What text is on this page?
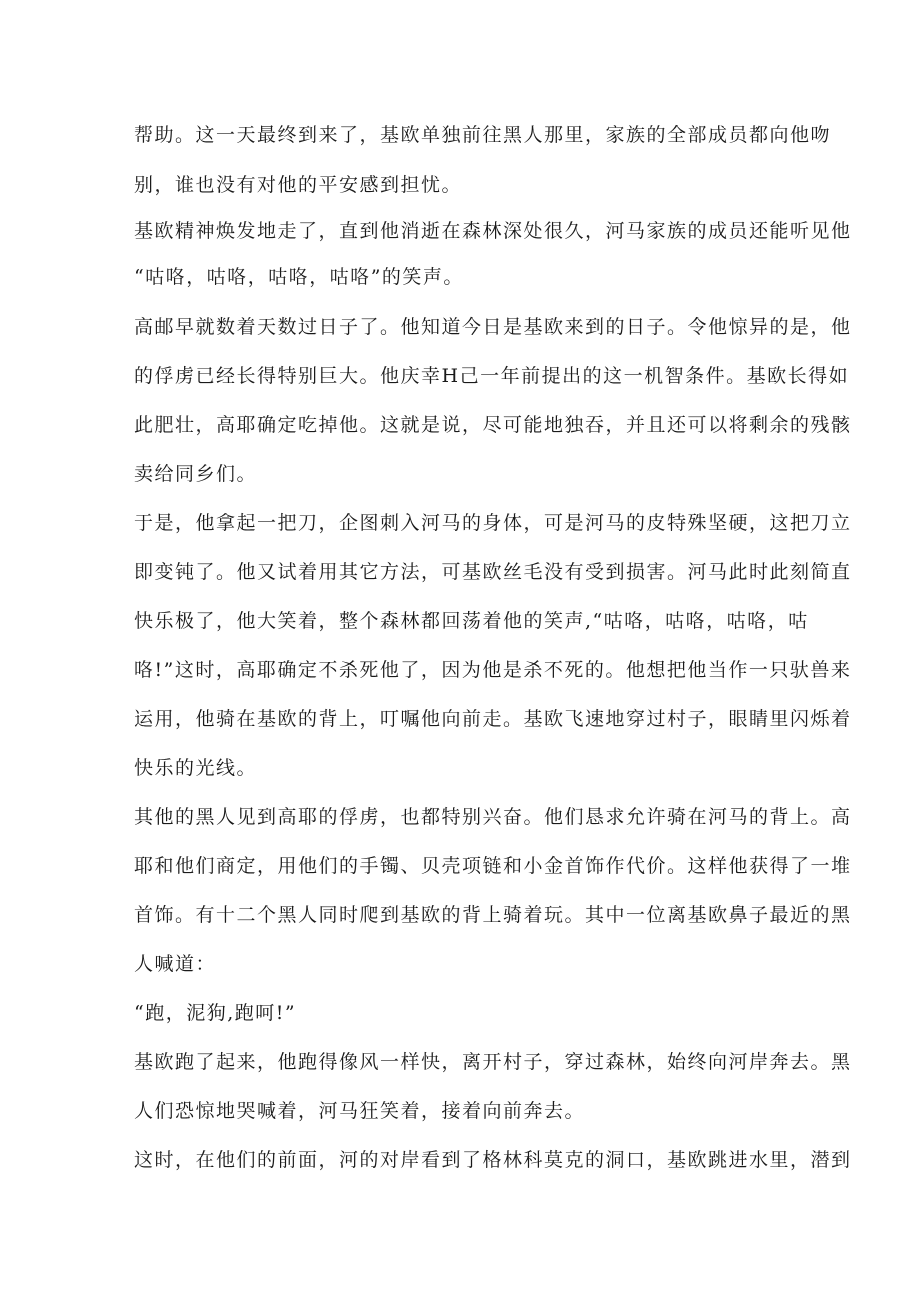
帮助。这一天最终到来了，基欧单独前往黑人那里，家族的全部成员都向他吻
别，谁也没有对他的平安感到担忧。
基欧精神焕发地走了，直到他消逝在森林深处很久，河马家族的成员还能听见他
“咕咯，咕咯，咕咯，咕咯”的笑声。
高邮早就数着天数过日子了。他知道今日是基欧来到的日子。令他惊异的是，他
的俘虏已经长得特别巨大。他庆幸H己一年前提出的这一机智条件。基欧长得如
此肥壮，高耶确定吃掉他。这就是说，尽可能地独吞，并且还可以将剩余的残骸
卖给同乡们。
于是，他拿起一把刀，企图刺入河马的身体，可是河马的皮特殊坚硬，这把刀立
即变钝了。他又试着用其它方法，可基欧丝毛没有受到损害。河马此时此刻简直
快乐极了，他大笑着，整个森林都回荡着他的笑声,“咕咯，咕咯，咕咯，咕
咯!”这时，高耶确定不杀死他了，因为他是杀不死的。他想把他当作一只驮兽来
运用，他骑在基欧的背上，叮嘱他向前走。基欧飞速地穿过村子，眼睛里闪烁着
快乐的光线。
其他的黑人见到高耶的俘虏，也都特别兴奋。他们恳求允许骑在河马的背上。高
耶和他们商定，用他们的手镯、贝壳项链和小金首饰作代价。这样他获得了一堆
首饰。有十二个黑人同时爬到基欧的背上骑着玩。其中一位离基欧鼻子最近的黑
人喊道：
“跑，泥狗,跑呵!”
基欧跑了起来，他跑得像风一样快，离开村子，穿过森林，始终向河岸奔去。黑
人们恐惊地哭喊着，河马狂笑着，接着向前奔去。
这时，在他们的前面，河的对岸看到了格林科莫克的洞口，基欧跳进水里，潜到
